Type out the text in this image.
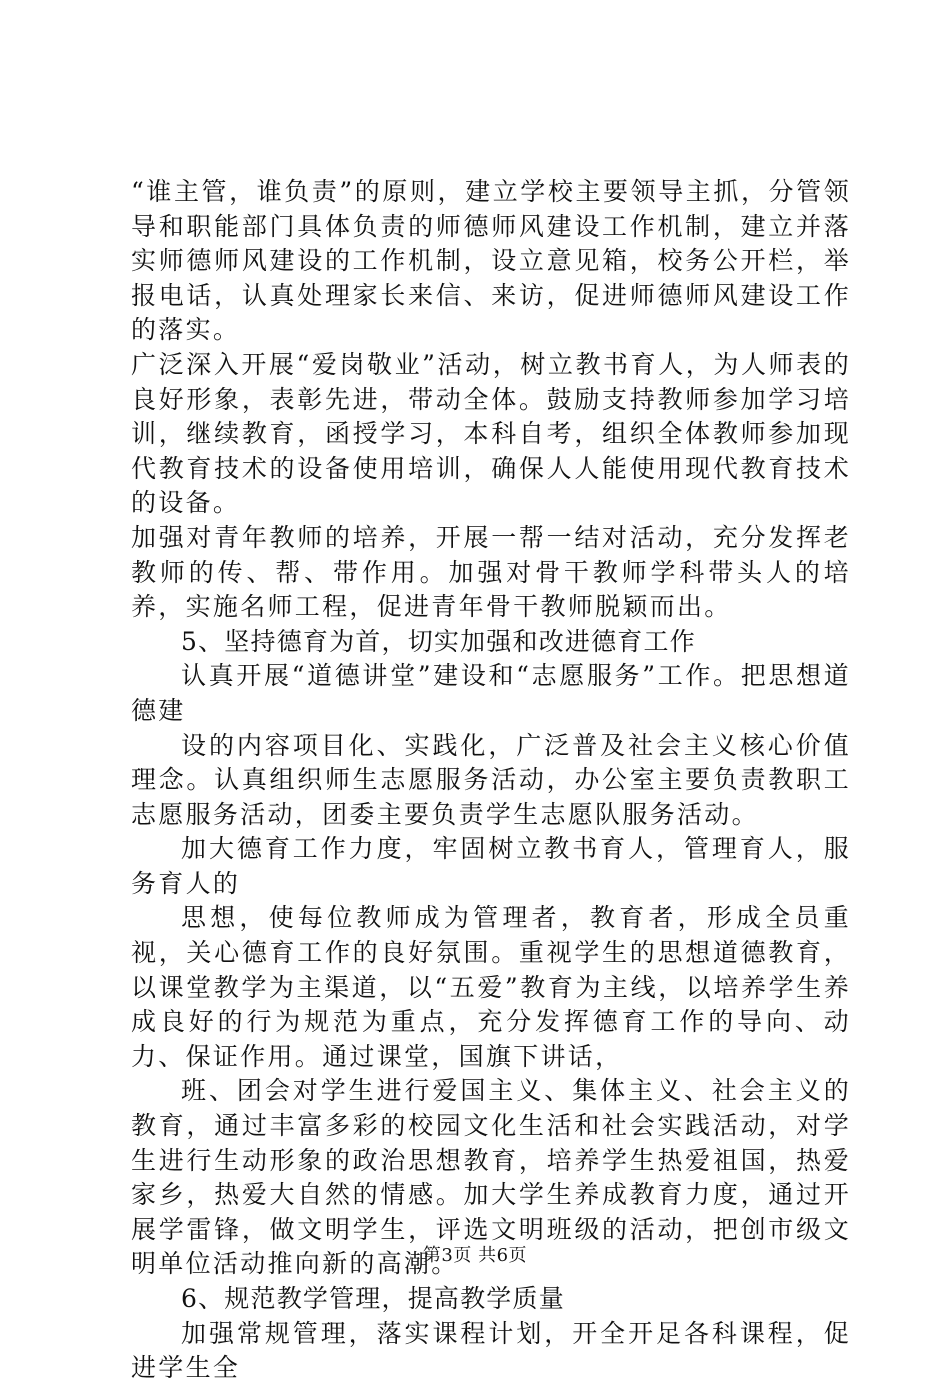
“谁主管，谁负责”的原则，建立学校主要领导主抓，分管领导和职能部门具体负责的师德师风建设工作机制，建立并落实师德师风建设的工作机制，设立意见箱，校务公开栏，举报电话，认真处理家长来信、来访，促进师德师风建设工作的落实。

广泛深入开展“爱岗敬业”活动，树立教书育人，为人师表的良好形象，表彰先进，带动全体。鼓励支持教师参加学习培训，继续教育，函授学习，本科自考，组织全体教师参加现代教育技术的设备使用培训，确保人人能使用现代教育技术的设备。

加强对青年教师的培养，开展一帮一结对活动，充分发挥老教师的传、帮、带作用。加强对骨干教师学科带头人的培养，实施名师工程，促进青年骨干教师脱颖而出。

5、坚持德育为首，切实加强和改进德育工作

认真开展“道德讲堂”建设和“志愿服务”工作。把思想道德建

设的内容项目化、实践化，广泛普及社会主义核心价值理念。认真组织师生志愿服务活动，办公室主要负责教职工志愿服务活动，团委主要负责学生志愿队服务活动。

加大德育工作力度，牢固树立教书育人，管理育人，服务育人的

思想，使每位教师成为管理者，教育者，形成全员重视，关心德育工作的良好氛围。重视学生的思想道德教育，以课堂教学为主渠道，以“五爱”教育为主线，以培养学生养成良好的行为规范为重点，充分发挥德育工作的导向、动力、保证作用。通过课堂，国旗下讲话，

班、团会对学生进行爱国主义、集体主义、社会主义的教育，通过丰富多彩的校园文化生活和社会实践活动，对学生进行生动形象的政治思想教育，培养学生热爱祖国，热爱家乡，热爱大自然的情感。加大学生养成教育力度，通过开展学雷锋，做文明学生，评选文明班级的活动，把创市级文明单位活动推向新的高潮。

6、规范教学管理，提高教学质量

加强常规管理，落实课程计划，开全开足各科课程，促进学生全

第3页 共6页
